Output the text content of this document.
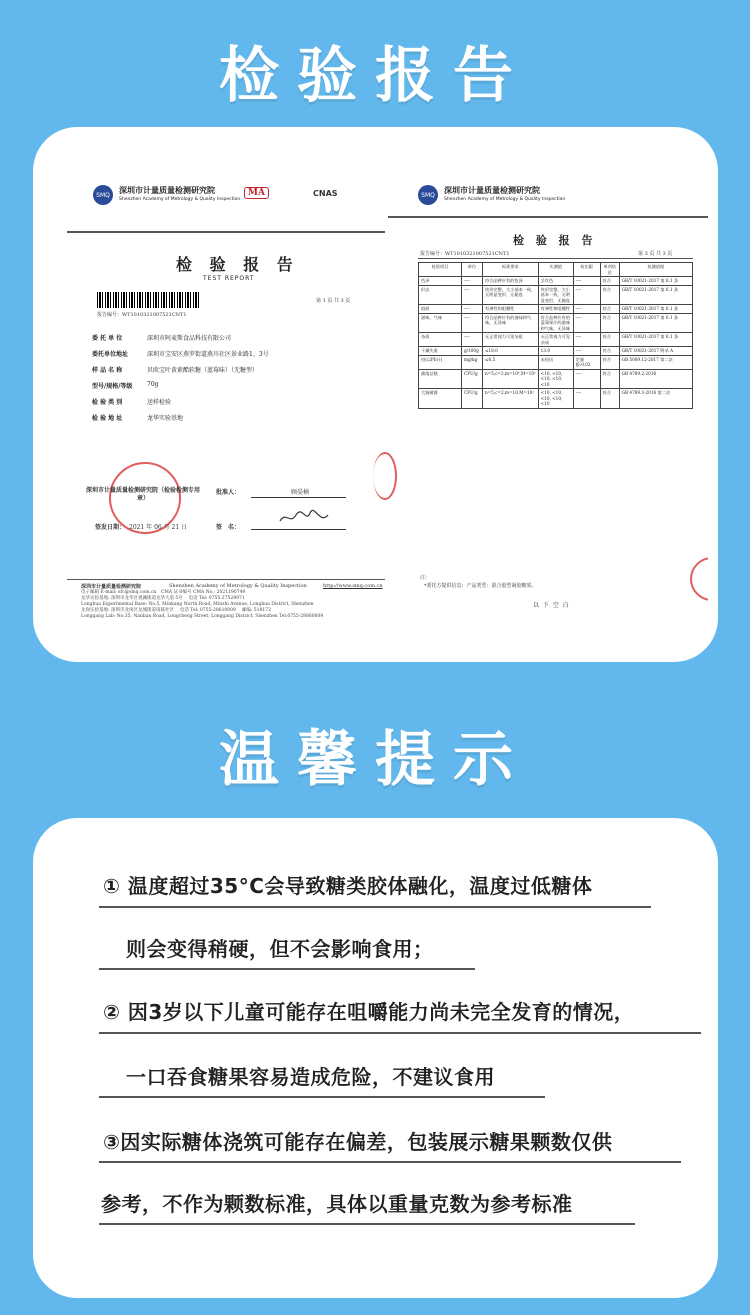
检验报告
SMQ	深圳市计量质量检测研究院
Shenzhen Academy of Metrology & Quality Inspection
MA	CNAS
检 验 报 告
TEST REPORT
报告编号：WT1010321007521CNT1
第 1 页 共 3 页
委 托 单 位	深圳市阿麦斯食品科技有限公司
委托单位地址	深圳市宝安区燕罗街道燕川社区景业路1、3号
样 品 名 称	贝欧宝叶黄素酯软糖（蓝莓味）（无糖型）
型号/规格/等级	70g
检 验 类 别	送样检验
检 验 地 址	龙华实验基地
深圳市计量质量检测研究院（检验检测专用章）
批准人：	顾晏楠
签发日期： 2021 年 06 月 21 日	签　名：
深圳市计量质量检测研究院	Shenzhen Academy of Metrology & Quality Inspection	http://www.smq.com.cn
电子邮箱 E-mail: sfc@smq.com.cn　CMA 证书编号 CMA No.: 2021190749
龙华实验基地: 深圳市龙华区观澜街道龙华大道 5号 　电话 Tel: 0755-27528971
Longhua Experimental Base: No.5, Minkang North Road, Minzhi Avenue, Longhua District, Shenzhen
龙岗实验基地: 深圳市龙岗区龙城街道南联社区 　电话 Tel: 0755-28610009 　邮编: 518172
Longgang Lab: No.35, Nanlian Road, Longcheng Street, Longgang District, Shenzhen Tel:0755-28860609
SMQ	深圳市计量质量检测研究院
Shenzhen Academy of Metrology & Quality Inspection
检 验 报 告
报告编号：WT1010321007521CNT1	第 3 页 共 3 页
检验项目	单位	标准要求	实测值	检出限	单项结论	检测依据
色泽	----	符合品种应有的色泽	呈红色	----	符合	GB/T 10021-2017 第 6.1 条
形态	----	块形完整，大小基本一致，无明显变形，无黏连	块形完整，大小基本一致，无明显变形，无黏连	----	符合	GB/T 10021-2017 第 6.1 条
组织	----	有弹性和咀嚼性	有弹性和咀嚼性	----	符合	GB/T 10021-2017 第 6.1 条
滋味、气味	----	符合品种应有的滋味和气味，无异味	符合品种应有的蓝莓果汁的滋味和气味，无异味	----	符合	GB/T 10021-2017 第 6.1 条
杂质	----	无正常视力可见杂质	无正常视力可见杂质	----	符合	GB/T 10021-2017 第 6.1 条
干燥失重	g/100g	≤18.0	13.0	----	符合	GB/T 10021-2017 附录 A
铅(以Pb计)	mg/kg	≤0.5	未检出	定量限:0.02	符合	GB 5009.12-2017 第二法
菌落总数	CFU/g	n=5,c=2,m=10⁴,M=10⁵	<10, <10, <10, <10, <10	----	符合	GB 4789.2-2016
大肠菌群	CFU/g	n=5,c=2,m=10,M=10²	<10, <10, <10, <10, <10	----	符合	GB 4789.3-2016 第二法
注：
*委托方提供信息：产品类型：混合胶型凝胶糖果。
以 下 空 白
温馨提示
① 温度超过35°C会导致糖类胶体融化，温度过低糖体
则会变得稍硬，但不会影响食用；
② 因3岁以下儿童可能存在咀嚼能力尚未完全发育的情况，
一口吞食糖果容易造成危险，不建议食用
③因实际糖体浇筑可能存在偏差，包装展示糖果颗数仅供
参考，不作为颗数标准，具体以重量克数为参考标准
